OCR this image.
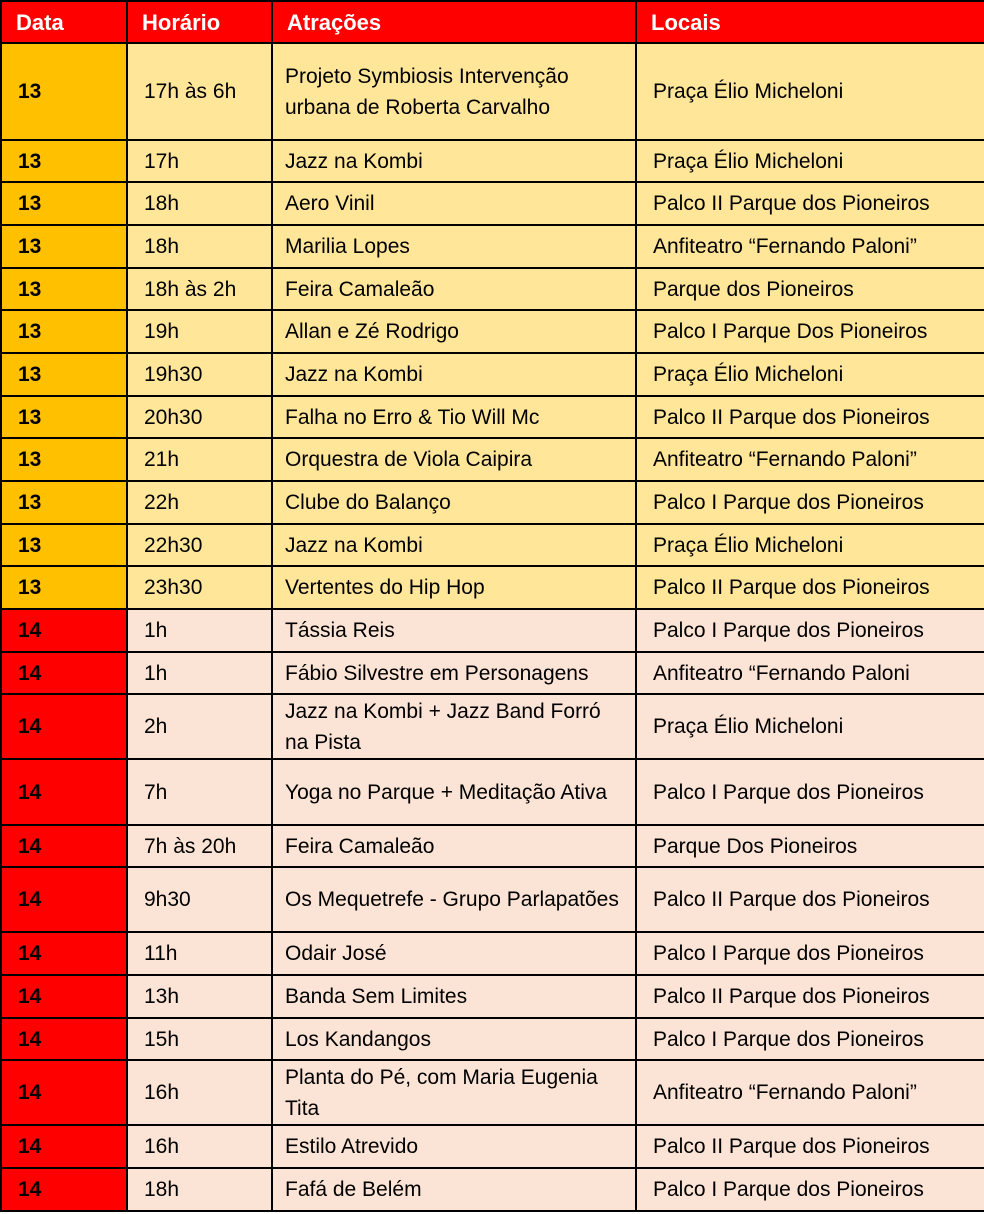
Data	Horário	Atrações	Locais
13	17h às 6h	Projeto Symbiosis Intervenção urbana de Roberta Carvalho	Praça Élio Micheloni
13	17h	Jazz na Kombi	Praça Élio Micheloni
13	18h	Aero Vinil	Palco II Parque dos Pioneiros
13	18h	Marilia Lopes	Anfiteatro “Fernando Paloni”
13	18h às 2h	Feira Camaleão	Parque dos Pioneiros
13	19h	Allan e Zé Rodrigo	Palco I Parque Dos Pioneiros
13	19h30	Jazz na Kombi	Praça Élio Micheloni
13	20h30	Falha no Erro & Tio Will Mc	Palco II Parque dos Pioneiros
13	21h	Orquestra de Viola Caipira	Anfiteatro “Fernando Paloni”
13	22h	Clube do Balanço	Palco I Parque dos Pioneiros
13	22h30	Jazz na Kombi	Praça Élio Micheloni
13	23h30	Vertentes do Hip Hop	Palco II Parque dos Pioneiros
14	1h	Tássia Reis	Palco I Parque dos Pioneiros
14	1h	Fábio Silvestre em Personagens	Anfiteatro “Fernando Paloni
14	2h	Jazz na Kombi + Jazz Band Forró na Pista	Praça Élio Micheloni
14	7h	Yoga no Parque + Meditação Ativa	Palco I Parque dos Pioneiros
14	7h às 20h	Feira Camaleão	Parque Dos Pioneiros
14	9h30	Os Mequetrefe - Grupo Parlapatões	Palco II Parque dos Pioneiros
14	11h	Odair José	Palco I Parque dos Pioneiros
14	13h	Banda Sem Limites	Palco II Parque dos Pioneiros
14	15h	Los Kandangos	Palco I Parque dos Pioneiros
14	16h	Planta do Pé, com Maria Eugenia Tita	Anfiteatro “Fernando Paloni”
14	16h	Estilo Atrevido	Palco II Parque dos Pioneiros
14	18h	Fafá de Belém	Palco I Parque dos Pioneiros
